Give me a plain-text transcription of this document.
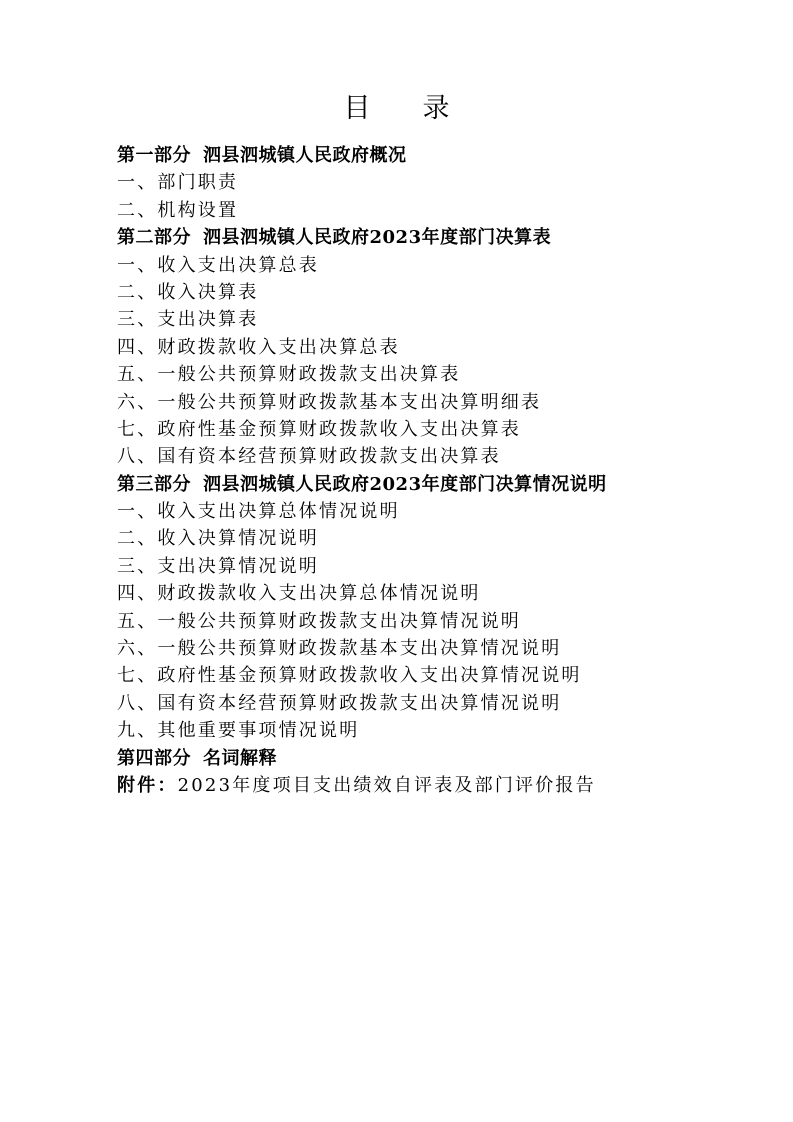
目 录
第一部分 泗县泗城镇人民政府概况
一、部门职责
二、机构设置
第二部分 泗县泗城镇人民政府2023年度部门决算表
一、收入支出决算总表
二、收入决算表
三、支出决算表
四、财政拨款收入支出决算总表
五、一般公共预算财政拨款支出决算表
六、一般公共预算财政拨款基本支出决算明细表
七、政府性基金预算财政拨款收入支出决算表
八、国有资本经营预算财政拨款支出决算表
第三部分 泗县泗城镇人民政府2023年度部门决算情况说明
一、收入支出决算总体情况说明
二、收入决算情况说明
三、支出决算情况说明
四、财政拨款收入支出决算总体情况说明
五、一般公共预算财政拨款支出决算情况说明
六、一般公共预算财政拨款基本支出决算情况说明
七、政府性基金预算财政拨款收入支出决算情况说明
八、国有资本经营预算财政拨款支出决算情况说明
九、其他重要事项情况说明
第四部分 名词解释
附件：2023年度项目支出绩效自评表及部门评价报告
